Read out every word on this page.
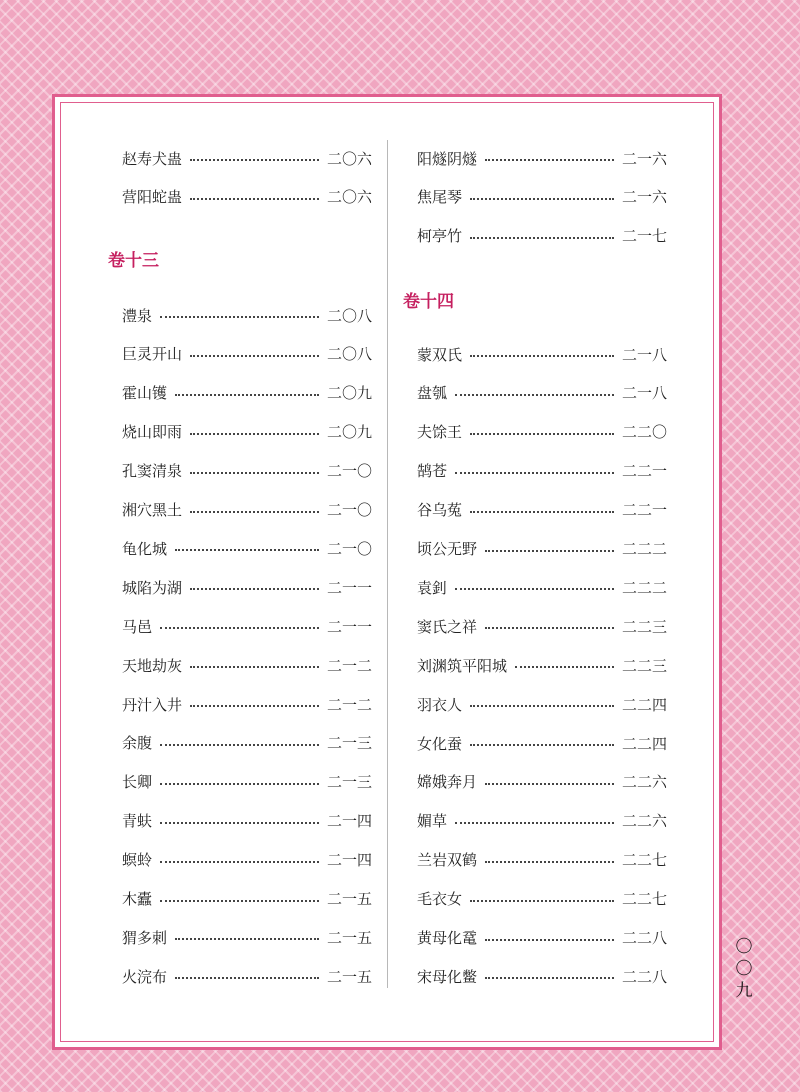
赵寿犬蛊	二〇六
营阳蛇蛊	二〇六
卷十三
澧泉	二〇八
巨灵开山	二〇八
霍山镬	二〇九
烧山即雨	二〇九
孔窦清泉	二一〇
湘穴黑土	二一〇
龟化城	二一〇
城陷为湖	二一一
马邑	二一一
天地劫灰	二一二
丹汁入井	二一二
余腹	二一三
长卿	二一三
青蚨	二一四
螟蛉	二一四
木蠹	二一五
猬多刺	二一五
火浣布	二一五
阳燧阴燧	二一六
焦尾琴	二一六
柯亭竹	二一七
卷十四
蒙双氏	二一八
盘瓠	二一八
夫馀王	二二〇
鹄苍	二二一
谷乌菟	二二一
顷公无野	二二二
袁釗	二二二
窦氏之祥	二二三
刘渊筑平阳城	二二三
羽衣人	二二四
女化蚕	二二四
嫦娥奔月	二二六
媚草	二二六
兰岩双鹤	二二七
毛衣女	二二七
黄母化鼋	二二八
宋母化鳖	二二八
〇
〇
九
